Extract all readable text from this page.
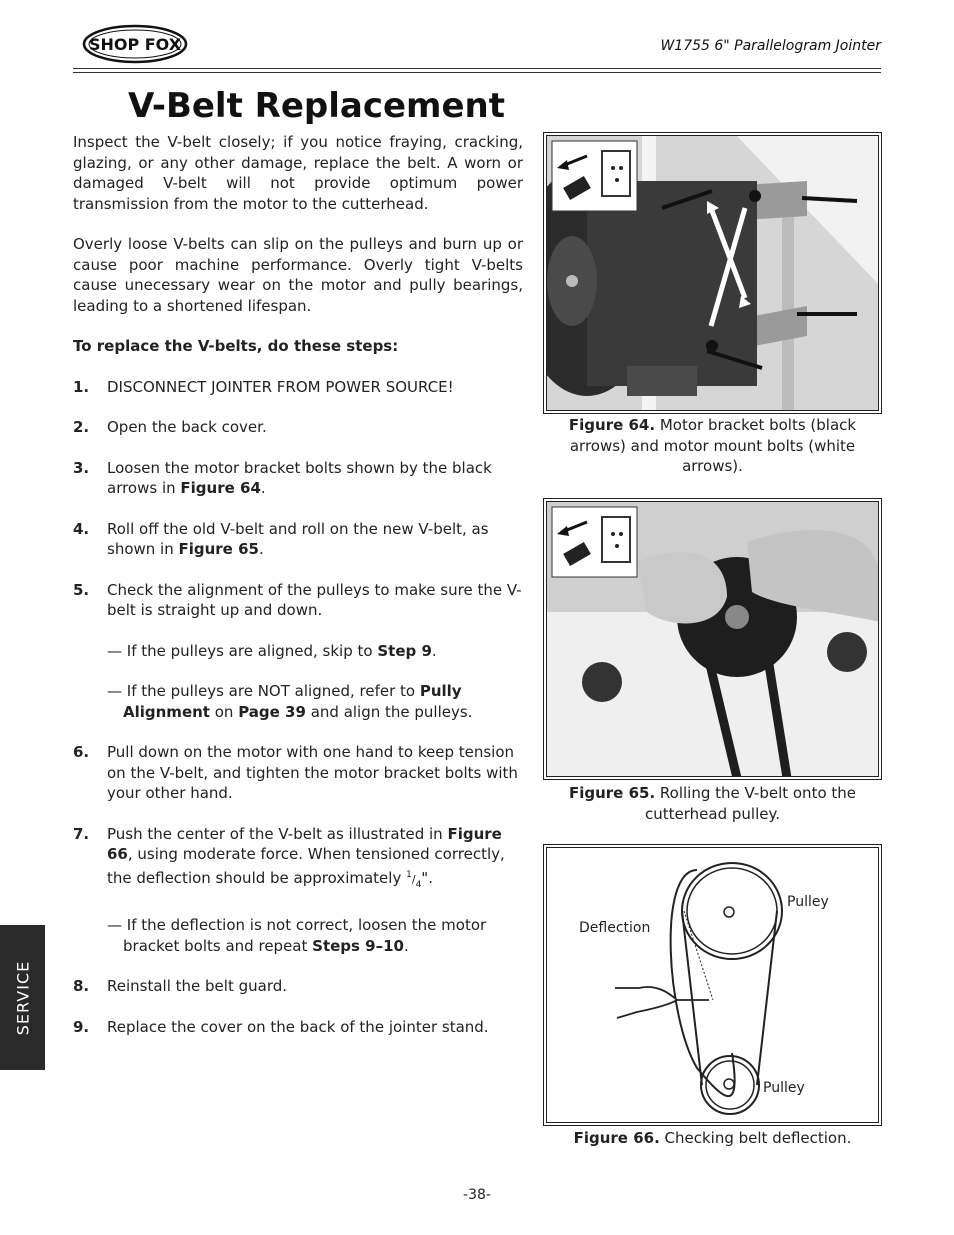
SHOP FOX	W1755 6" Parallelogram Jointer
V-Belt Replacement

Inspect the V-belt closely; if you notice fraying, cracking, glazing, or any other damage, replace the belt. A worn or damaged V-belt will not provide optimum power transmission from the motor to the cutterhead.

Overly loose V-belts can slip on the pulleys and burn up or cause poor machine performance. Overly tight V-belts cause unecessary wear on the motor and pully bearings, leading to a shortened lifespan.

To replace the V-belts, do these steps:

1. DISCONNECT JOINTER FROM POWER SOURCE!
2. Open the back cover.
3. Loosen the motor bracket bolts shown by the black arrows in Figure 64.
4. Roll off the old V-belt and roll on the new V-belt, as shown in Figure 65.
5. Check the alignment of the pulleys to make sure the V-belt is straight up and down.
— If the pulleys are aligned, skip to Step 9.
— If the pulleys are NOT aligned, refer to Pully Alignment on Page 39 and align the pulleys.
6. Pull down on the motor with one hand to keep tension on the V-belt, and tighten the motor bracket bolts with your other hand.
7. Push the center of the V-belt as illustrated in Figure 66, using moderate force. When tensioned correctly, the deflection should be approximately $^1/_4$".
— If the deflection is not correct, loosen the motor bracket bolts and repeat Steps 9–10.
8. Reinstall the belt guard.
9. Replace the cover on the back of the jointer stand.
Figure 64. Motor bracket bolts (black arrows) and motor mount bolts (white arrows).
Figure 65. Rolling the V-belt onto the cutterhead pulley.
Pulley
Pulley
Deflection
Figure 66. Checking belt deflection.
SERVICE
-38-
